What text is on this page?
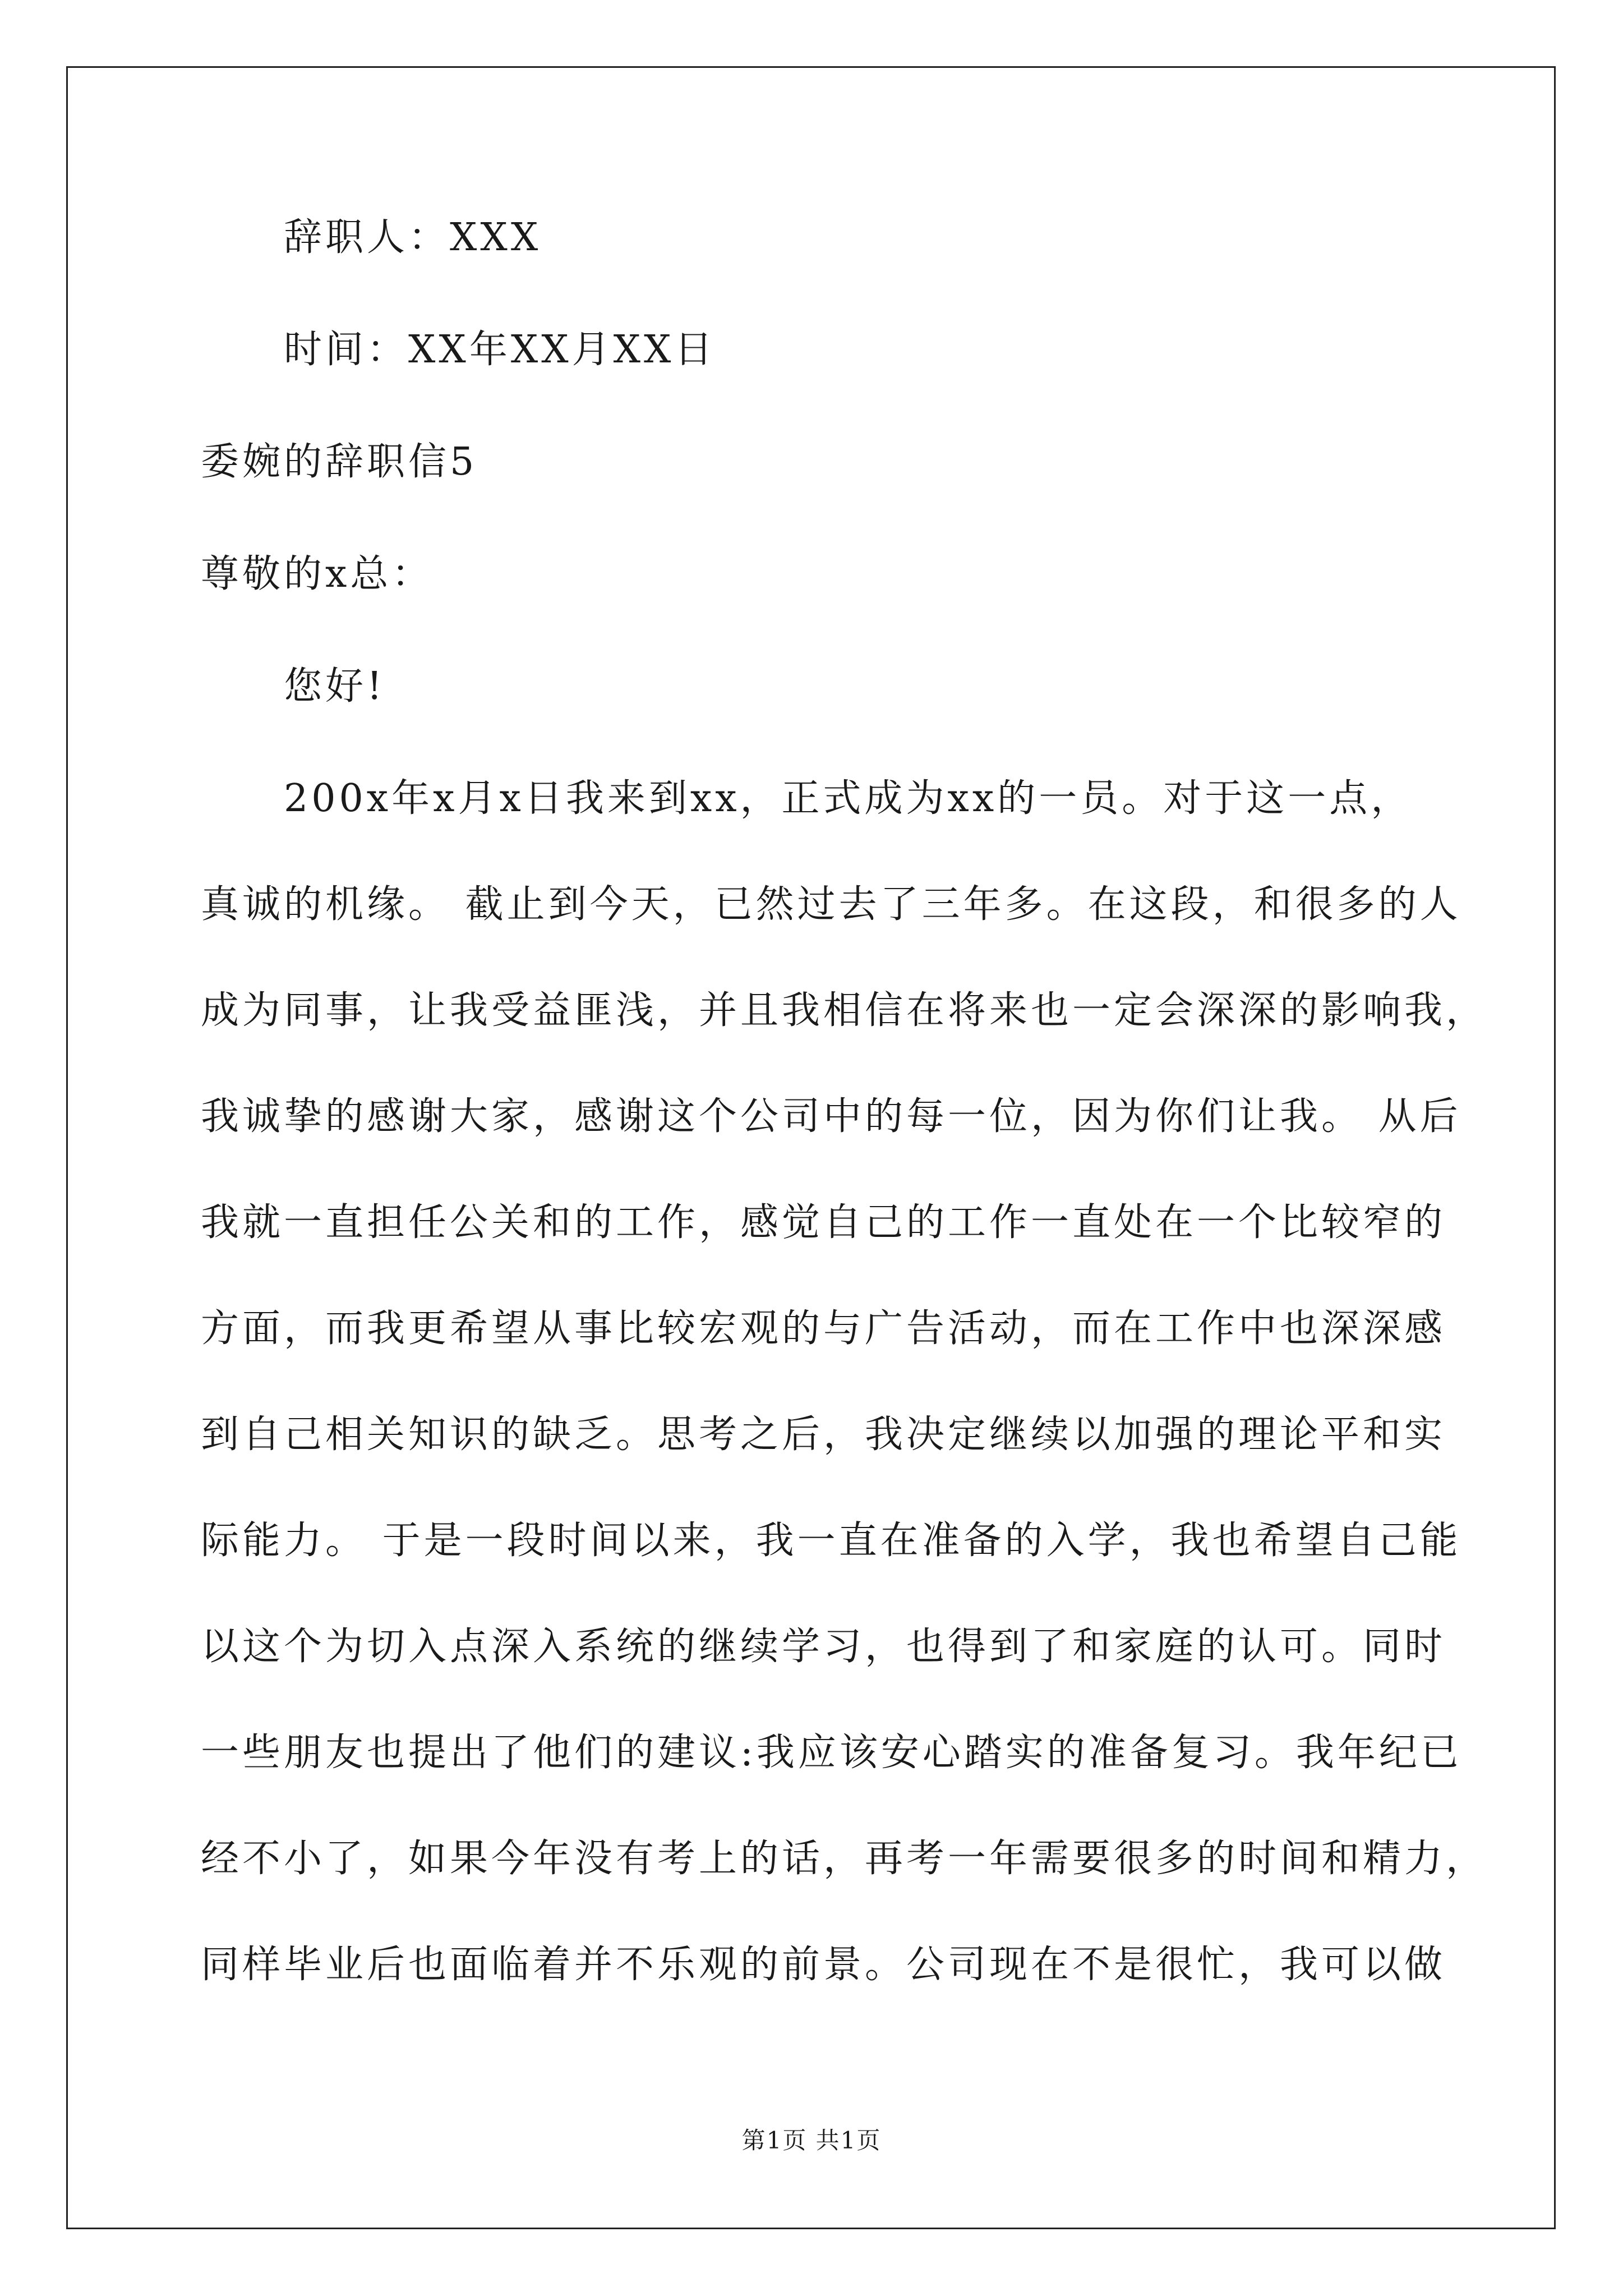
辞职人：XXX
时间：XX年XX月XX日
委婉的辞职信5
尊敬的x总：
您好!
200x年x月x日我来到xx，正式成为xx的一员。对于这一点，
真诚的机缘。 截止到今天，已然过去了三年多。在这段，和很多的人
成为同事，让我受益匪浅，并且我相信在将来也一定会深深的影响我，
我诚挚的感谢大家，感谢这个公司中的每一位，因为你们让我。 从后
我就一直担任公关和的工作，感觉自己的工作一直处在一个比较窄的
方面，而我更希望从事比较宏观的与广告活动，而在工作中也深深感
到自己相关知识的缺乏。思考之后，我决定继续以加强的理论平和实
际能力。 于是一段时间以来，我一直在准备的入学，我也希望自己能
以这个为切入点深入系统的继续学习，也得到了和家庭的认可。同时
一些朋友也提出了他们的建议:我应该安心踏实的准备复习。我年纪已
经不小了，如果今年没有考上的话，再考一年需要很多的时间和精力，
同样毕业后也面临着并不乐观的前景。公司现在不是很忙，我可以做
第1页 共1页
